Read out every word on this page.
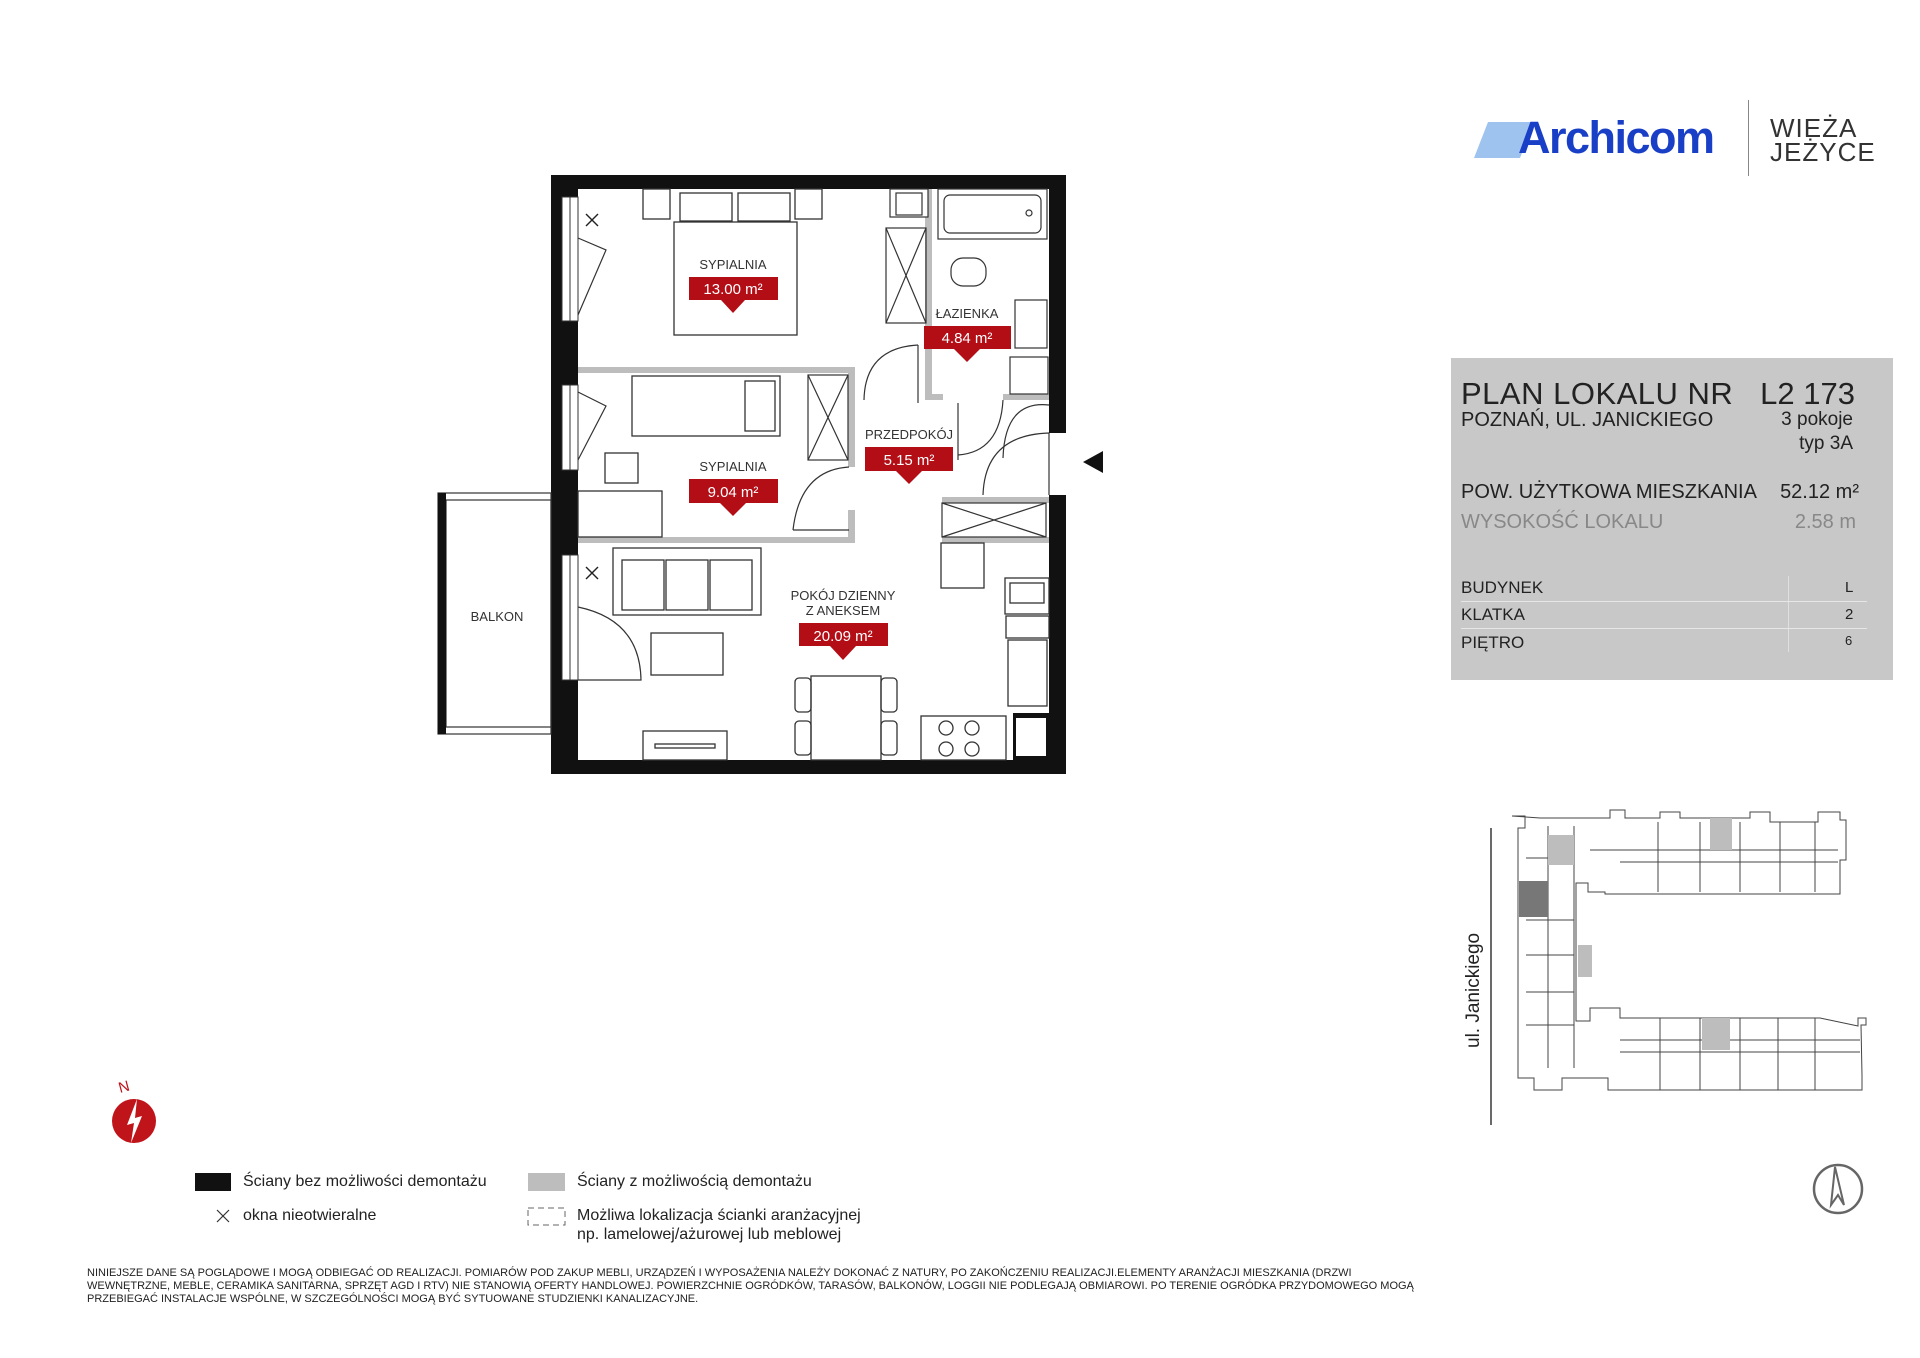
BALKON
SYPIALNIA
13.00 m²
ŁAZIENKA
4.84 m²
PRZEDPOKÓJ
5.15 m²
SYPIALNIA
9.04 m²
POKÓJ DZIENNY
Z ANEKSEM
20.09 m²
N
ul. Janickiego
Archicom WIEŻA
JEŻYCE
PLAN LOKALU NR L2 173
POZNAŃ, UL. JANICKIEGO	3 pokoje
typ 3A
POW. UŻYTKOWA MIESZKANIA 52.12 m²
WYSOKOŚĆ LOKALU	2.58 m
BUDYNEK	L
KLATKA	2
PIĘTRO	6
Ściany bez możliwości demontażu	Ściany z możliwością demontażu
okna nieotwieralne	Możliwa lokalizacja ścianki aranżacyjnej
np. lamelowej/ażurowej lub meblowej
NINIEJSZE DANE SĄ POGLĄDOWE I MOGĄ ODBIEGAĆ OD REALIZACJI. POMIARÓW POD ZAKUP MEBLI, URZĄDZEŃ I WYPOSAŻENIA NALEŻY DOKONAĆ Z NATURY, PO ZAKOŃCZENIU REALIZACJI.ELEMENTY ARANŻACJI MIESZKANIA (DRZWI WEWNĘTRZNE, MEBLE, CERAMIKA SANITARNA, SPRZĘT AGD I RTV) NIE STANOWIĄ OFERTY HANDLOWEJ. POWIERZCHNIE OGRÓDKÓW, TARASÓW, BALKONÓW, LOGGII NIE PODLEGAJĄ OBMIAROWI. PO TERENIE OGRÓDKA PRZYDOMOWEGO MOGĄ PRZEBIEGAĆ INSTALACJE WSPÓLNE, W SZCZEGÓLNOŚCI MOGĄ BYĆ SYTUOWANE STUDZIENKI KANALIZACYJNE.
